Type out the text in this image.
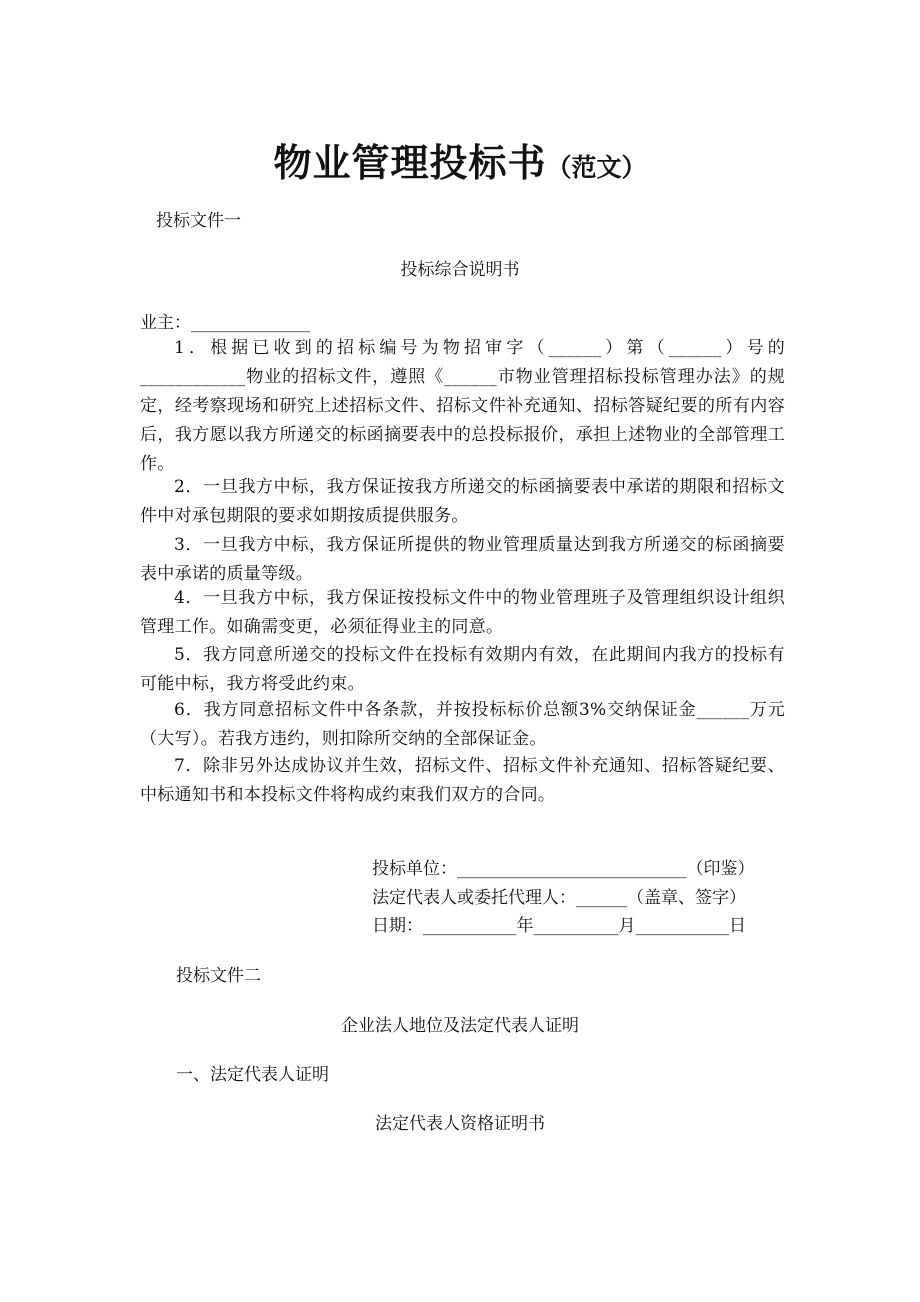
物业管理投标书（范文）
投标文件一
投标综合说明书
业主：______________
1．根据已收到的招标编号为物招审字（______）第（______）号的____________物业的招标文件，遵照《______市物业管理招标投标管理办法》的规定，经考察现场和研究上述招标文件、招标文件补充通知、招标答疑纪要的所有内容后，我方愿以我方所递交的标函摘要表中的总投标报价，承担上述物业的全部管理工作。
2．一旦我方中标，我方保证按我方所递交的标函摘要表中承诺的期限和招标文件中对承包期限的要求如期按质提供服务。
3．一旦我方中标，我方保证所提供的物业管理质量达到我方所递交的标函摘要表中承诺的质量等级。
4．一旦我方中标，我方保证按投标文件中的物业管理班子及管理组织设计组织管理工作。如确需变更，必须征得业主的同意。
5．我方同意所递交的投标文件在投标有效期内有效，在此期间内我方的投标有可能中标，我方将受此约束。
6．我方同意招标文件中各条款，并按投标标价总额3%交纳保证金______万元（大写）。若我方违约，则扣除所交纳的全部保证金。
7．除非另外达成协议并生效，招标文件、招标文件补充通知、招标答疑纪要、中标通知书和本投标文件将构成约束我们双方的合同。
投标单位：___________________________（印鉴）
法定代表人或委托代理人：______（盖章、签字）
日期：___________年__________月___________日
投标文件二
企业法人地位及法定代表人证明
一、法定代表人证明
法定代表人资格证明书
